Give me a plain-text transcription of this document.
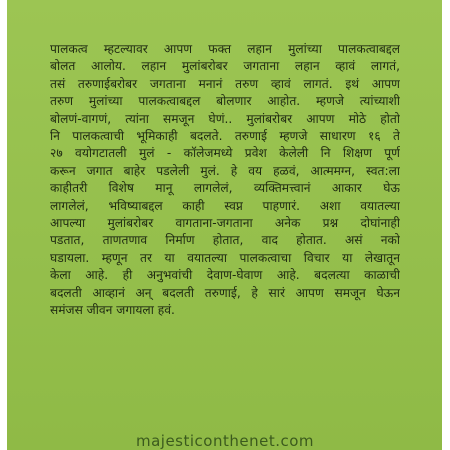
पालकत्व म्हटल्यावर आपण फक्त लहान मुलांच्या पालकत्वाबद्दल
बोलत आलोय. लहान मुलांबरोबर जगताना लहान व्हावं लागतं,
तसं तरुणाईबरोबर जगताना मनानं तरुण व्हावं लागतं. इथं आपण
तरुण मुलांच्या पालकत्वाबद्दल बोलणार आहोत. म्हणजे त्यांच्याशी
बोलणं-वागणं, त्यांना समजून घेणं.. मुलांबरोबर आपण मोठे होतो
नि पालकत्वाची भूमिकाही बदलते. तरुणाई म्हणजे साधारण १६ ते
२७ वयोगटातली मुलं - कॉलेजमध्ये प्रवेश केलेली नि शिक्षण पूर्ण
करून जगात बाहेर पडलेली मुलं. हे वय हळवं, आत्ममग्न, स्वत:ला
काहीतरी विशेष मानू लागलेलं, व्यक्तिमत्त्वानं आकार घेऊ
लागलेलं, भविष्याबद्दल काही स्वप्न पाहणारं. अशा वयातल्या
आपल्या मुलांबरोबर वागताना-जगताना अनेक प्रश्न दोघांनाही
पडतात, ताणतणाव निर्माण होतात, वाद होतात. असं नको
घडायला. म्हणून तर या वयातल्या पालकत्वाचा विचार या लेखातून
केला आहे. ही अनुभवांची देवाण-घेवाण आहे. बदलत्या काळाची
बदलती आव्हानं अन् बदलती तरुणाई, हे सारं आपण समजून घेऊन
समंजस जीवन जगायला हवं.
majesticonthenet.com
